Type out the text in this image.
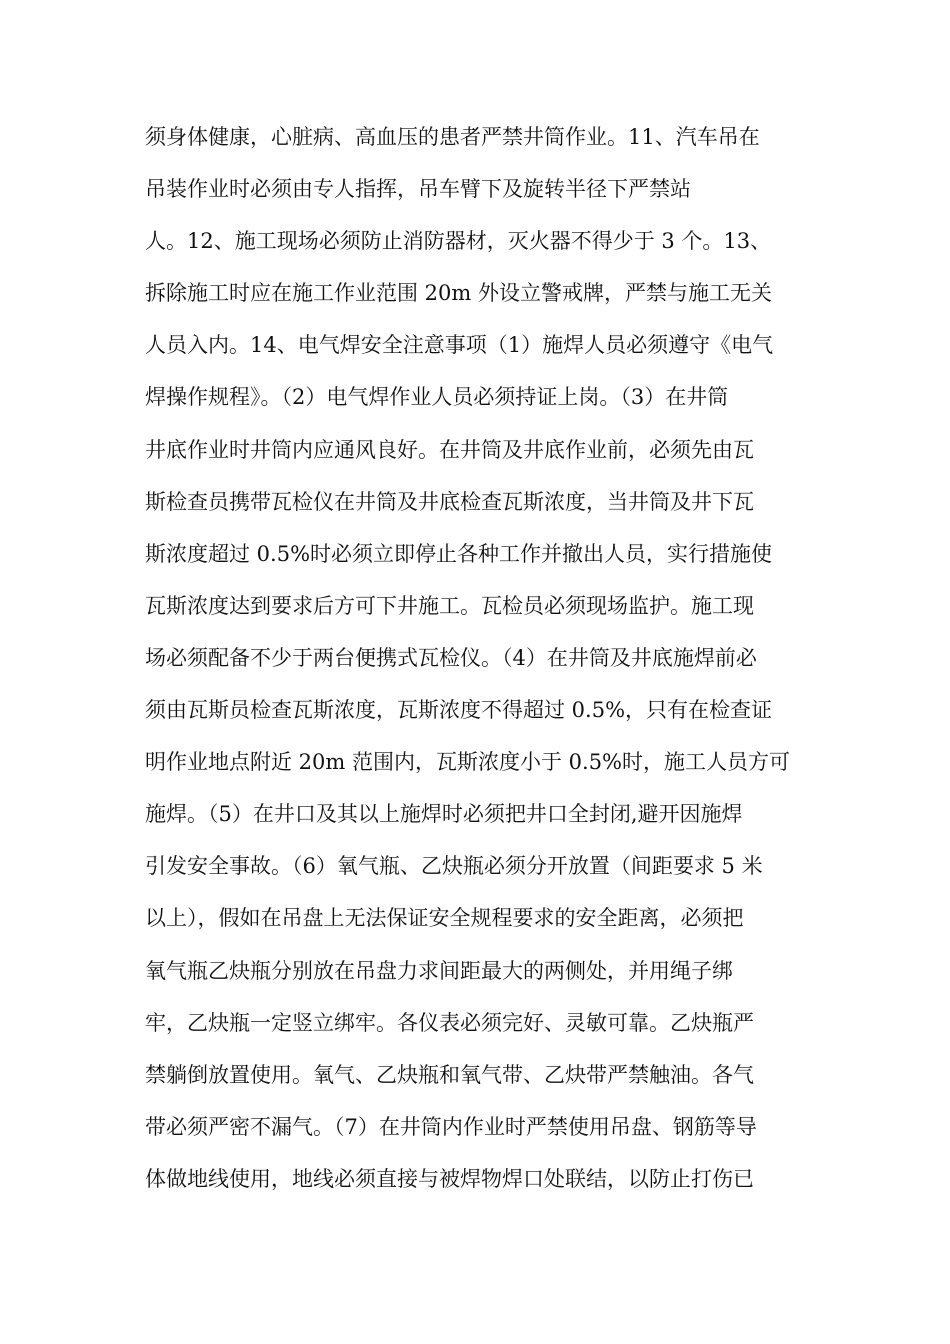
须身体健康，心脏病、高血压的患者严禁井筒作业。11、汽车吊在
吊装作业时必须由专人指挥，吊车臂下及旋转半径下严禁站
人。12、施工现场必须防止消防器材，灭火器不得少于 3 个。13、
拆除施工时应在施工作业范围 20m 外设立警戒牌，严禁与施工无关
人员入内。14、电气焊安全注意事项（1）施焊人员必须遵守《电气
焊操作规程》。（2）电气焊作业人员必须持证上岗。（3）在井筒
井底作业时井筒内应通风良好。在井筒及井底作业前，必须先由瓦
斯检查员携带瓦检仪在井筒及井底检查瓦斯浓度，当井筒及井下瓦
斯浓度超过 0.5%时必须立即停止各种工作并撤出人员，实行措施使
瓦斯浓度达到要求后方可下井施工。瓦检员必须现场监护。施工现
场必须配备不少于两台便携式瓦检仪。（4）在井筒及井底施焊前必
须由瓦斯员检查瓦斯浓度，瓦斯浓度不得超过 0.5%，只有在检查证
明作业地点附近 20m 范围内，瓦斯浓度小于 0.5%时，施工人员方可
施焊。（5）在井口及其以上施焊时必须把井口全封闭,避开因施焊
引发安全事故。（6）氧气瓶、乙炔瓶必须分开放置（间距要求 5 米
以上），假如在吊盘上无法保证安全规程要求的安全距离，必须把
氧气瓶乙炔瓶分别放在吊盘力求间距最大的两侧处，并用绳子绑
牢，乙炔瓶一定竖立绑牢。各仪表必须完好、灵敏可靠。乙炔瓶严
禁躺倒放置使用。氧气、乙炔瓶和氧气带、乙炔带严禁触油。各气
带必须严密不漏气。（7）在井筒内作业时严禁使用吊盘、钢筋等导
体做地线使用，地线必须直接与被焊物焊口处联结，以防止打伤已
